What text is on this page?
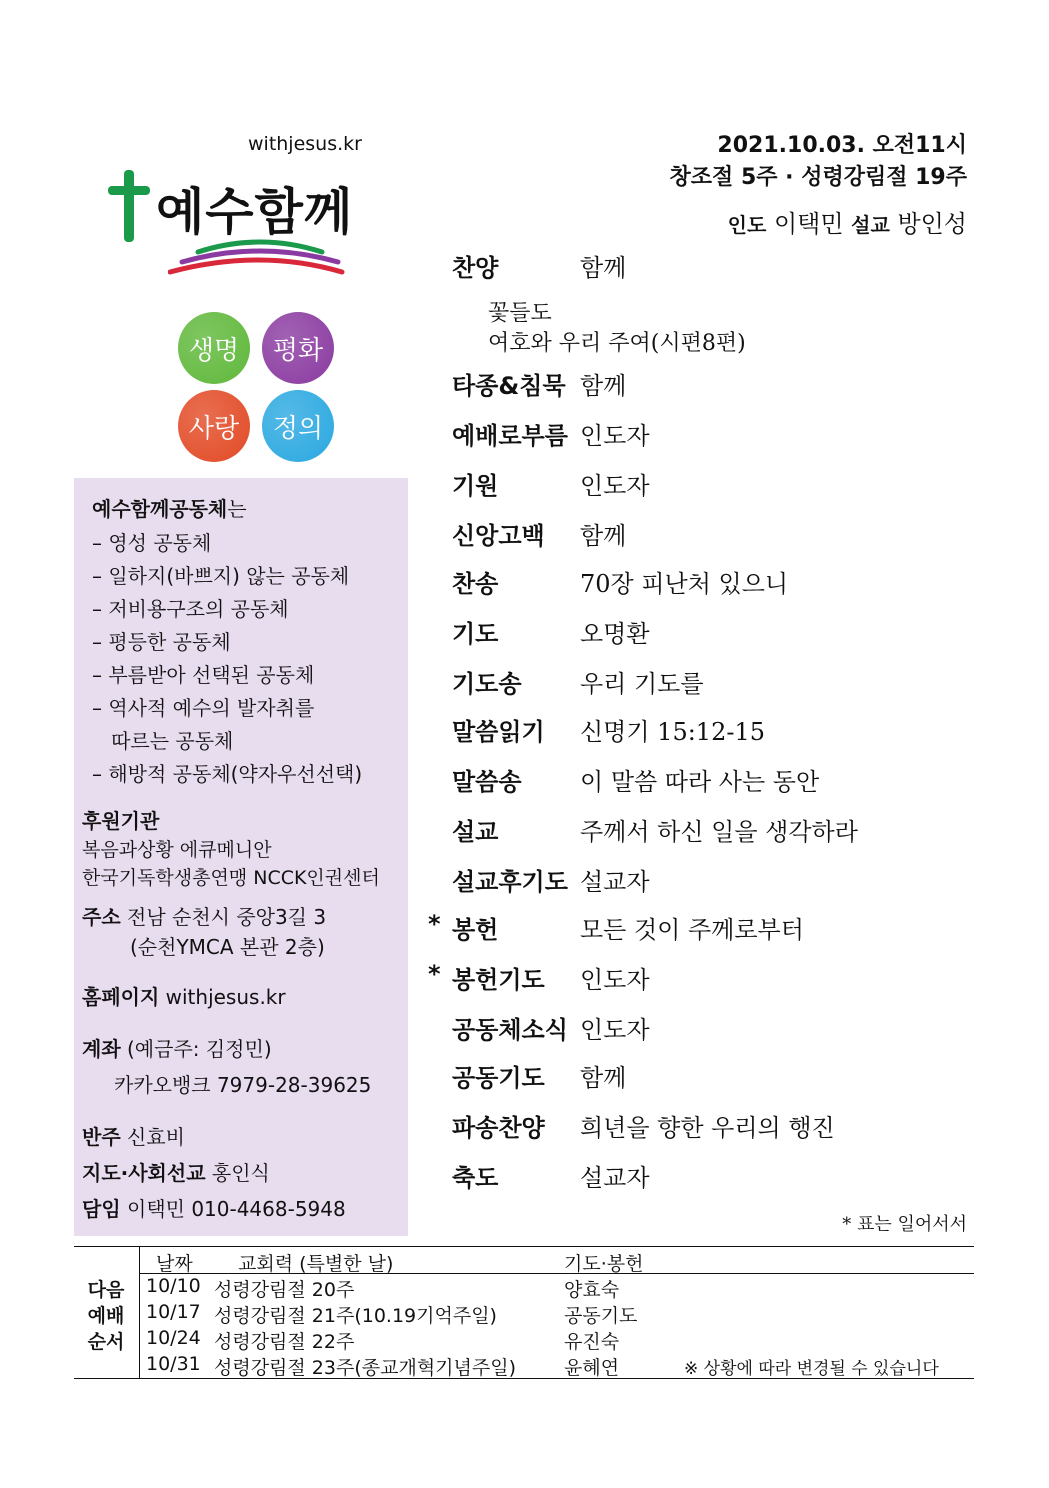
withjesus.kr
예수함께
생명	평화
사랑	정의
예수함께공동체는
– 영성 공동체
– 일하지(바쁘지) 않는 공동체
– 저비용구조의 공동체
– 평등한 공동체
– 부름받아 선택된 공동체
– 역사적 예수의 발자취를
따르는 공동체
– 해방적 공동체(약자우선선택)
후원기관
복음과상황 에큐메니안
한국기독학생총연맹 NCCK인권센터
주소 전남 순천시 중앙3길 3
(순천YMCA 본관 2층)
홈페이지 withjesus.kr
계좌 (예금주: 김정민)
카카오뱅크 7979-28-39625
반주 신효비
지도·사회선교 홍인식
담임 이택민 010-4468-5948
2021.10.03. 오전11시
창조절 5주 · 성령강림절 19주
인도 이택민 설교 방인성
찬양	함께
타종&침묵 함께
예배로부름 인도자
기원	인도자
신앙고백 함께
찬송	70장 피난처 있으니
기도	오명환
기도송 우리 기도를
말씀읽기 신명기 15:12-15
말씀송 이 말씀 따라 사는 동안
설교	주께서 하신 일을 생각하라
설교후기도 설교자
* 봉헌	모든 것이 주께로부터
* 봉헌기도 인도자
공동체소식 인도자
공동기도 함께
파송찬양 희년을 향한 우리의 행진
축도	설교자
꽃들도
여호와 우리 주여(시편8편)
* 표는 일어서서
날짜 교회력 (특별한 날)	기도·봉헌
다음
예배
순서
10/10 성령강림절 20주	양효숙
10/17 성령강림절 21주(10.19기억주일)	공동기도
10/24 성령강림절 22주	유진숙
10/31 성령강림절 23주(종교개혁기념주일)	윤혜연	※ 상황에 따라 변경될 수 있습니다
